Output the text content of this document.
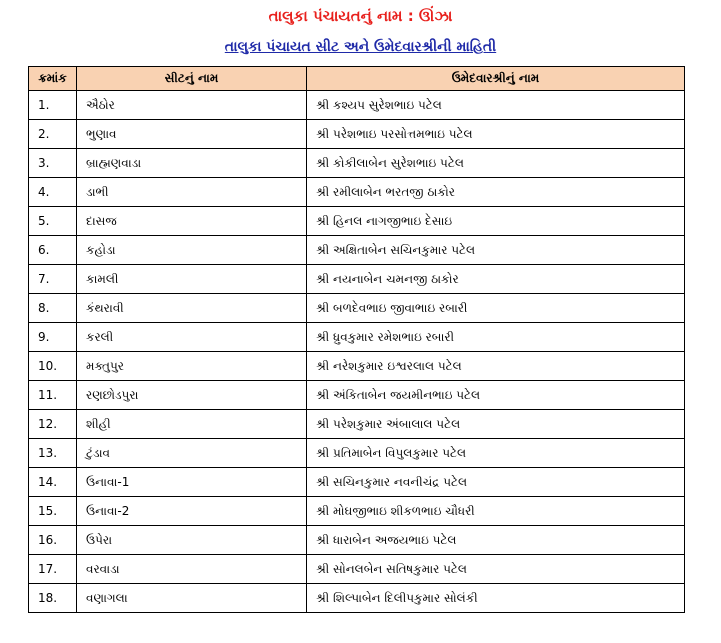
તાલુકા પંચાયતનું નામ : ઊંઝા
તાલુકા પંચાયત સીટ અને ઉમેદવારશ્રીની માહિતી
ક્રમાંક	સીટનું નામ	ઉમેદવારશ્રીનું નામ
1.	ઐઠોર	શ્રી કશ્યપ સુરેશભાઇ પટેલ
2.	ભુણાવ	શ્રી પરેશભાઇ પરસોત્તમભાઇ પટેલ
3.	બ્રાહ્મણવાડા	શ્રી કોકીલાબેન સુરેશભાઇ પટેલ
4.	ડાભી	શ્રી રમીલાબેન ભરતજી ઠાકોર
5.	દાસજ	શ્રી હિનલ નાગજીભાઇ દેસાઇ
6.	કહોડા	શ્રી અક્ષિતાબેન સચિનકુમાર પટેલ
7.	કામલી	શ્રી નયનાબેન ચમનજી ઠાકોર
8.	કંથરાવી	શ્રી બળદેવભાઇ જીવાભાઇ રબારી
9.	કરલી	શ્રી ધ્રુવકુમાર રમેશભાઇ રબારી
10.	મક્તુપુર	શ્રી નરેશકુમાર ઇશ્વરલાલ પટેલ
11.	રણછોડપુરા	શ્રી અંકિતાબેન જયમીનભાઇ પટેલ
12.	શીહી	શ્રી પરેશકુમાર અંબાલાલ પટેલ
13.	ટુંડાવ	શ્રી પ્રતિમાબેન વિપુલકુમાર પટેલ
14.	ઉનાવા-1	શ્રી સચિનકુમાર નવનીચંદ્ર પટેલ
15.	ઉનાવા-2	શ્રી મોઘજીભાઇ શીકળભાઇ ચૌધરી
16.	ઉપેરા	શ્રી ધારાબેન અજયભાઇ પટેલ
17.	વરવાડા	શ્રી સોનલબેન સતિષકુમાર પટેલ
18.	વણાગલા	શ્રી શિલ્પાબેન દિલીપકુમાર સોલંકી
